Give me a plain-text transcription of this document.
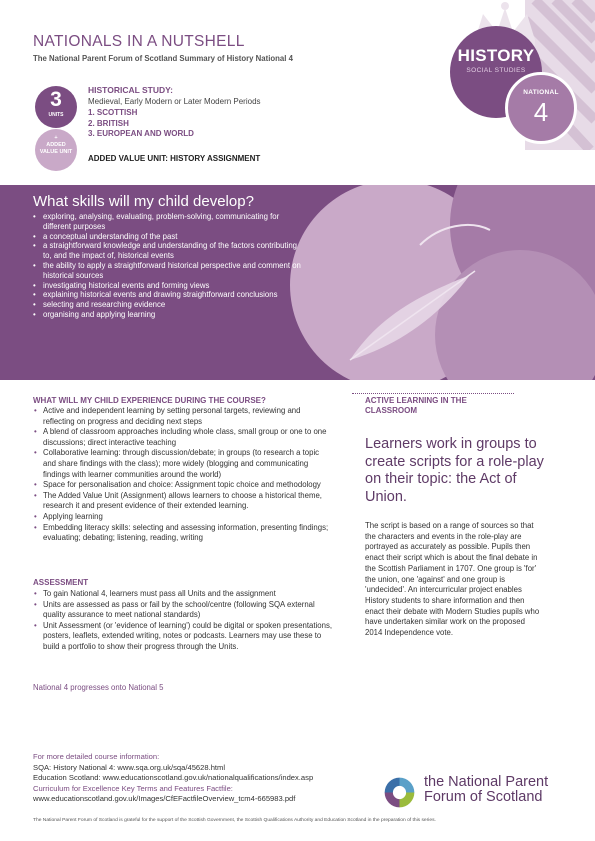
NATIONALS IN A NUTSHELL
The National Parent Forum of Scotland Summary of History National 4
3
UNITS
+
ADDED VALUE UNIT
HISTORICAL STUDY:
Medieval, Early Modern or Later Modern Periods
1. SCOTTISH
2. BRITISH
3. EUROPEAN AND WORLD
ADDED VALUE UNIT: HISTORY ASSIGNMENT
HISTORY
SOCIAL STUDIES
NATIONAL
4
What skills will my child develop?
• exploring, analysing, evaluating, problem-solving, communicating for different purposes
• a conceptual understanding of the past
• a straightforward knowledge and understanding of the factors contributing to, and the impact of, historical events
• the ability to apply a straightforward historical perspective and comment on historical sources
• investigating historical events and forming views
• explaining historical events and drawing straightforward conclusions
• selecting and researching evidence
• organising and applying learning
WHAT WILL MY CHILD EXPERIENCE DURING THE COURSE?
• Active and independent learning by setting personal targets, reviewing and reflecting on progress and deciding next steps
• A blend of classroom approaches including whole class, small group or one to one discussions; direct interactive teaching
• Collaborative learning: through discussion/debate; in groups (to research a topic and share findings with the class); more widely (blogging and communicating findings with learner communities around the world)
• Space for personalisation and choice: Assignment topic choice and methodology
• The Added Value Unit (Assignment) allows learners to choose a historical theme, research it and present evidence of their extended learning.
• Applying learning
• Embedding literacy skills: selecting and assessing information, presenting findings; evaluating; debating; listening, reading, writing
ASSESSMENT
• To gain National 4, learners must pass all Units and the assignment
• Units are assessed as pass or fail by the school/centre (following SQA external quality assurance to meet national standards)
• Unit Assessment (or 'evidence of learning') could be digital or spoken presentations, posters, leaflets, extended writing, notes or podcasts. Learners may use these to build a portfolio to show their progress through the Units.
National 4 progresses onto National 5
ACTIVE LEARNING IN THE CLASSROOM
Learners work in groups to create scripts for a role-play on their topic: the Act of Union.
The script is based on a range of sources so that the characters and events in the role-play are portrayed as accurately as possible. Pupils then enact their script which is about the final debate in the Scottish Parliament in 1707. One group is 'for' the union, one 'against' and one group is 'undecided'. An intercurricular project enables History students to share information and then enact their debate with Modern Studies pupils who have undertaken similar work on the proposed 2014 Independence vote.
For more detailed course information:
SQA: History National 4: www.sqa.org.uk/sqa/45628.html
Education Scotland: www.educationscotland.gov.uk/nationalqualifications/index.asp
Curriculum for Excellence Key Terms and Features Factfile:
www.educationscotland.gov.uk/Images/CfEFactfileOverview_tcm4-665983.pdf
the National Parent
Forum of Scotland
The National Parent Forum of Scotland is grateful for the support of the Scottish Government, the Scottish Qualifications Authority and Education Scotland in the preparation of this series.
